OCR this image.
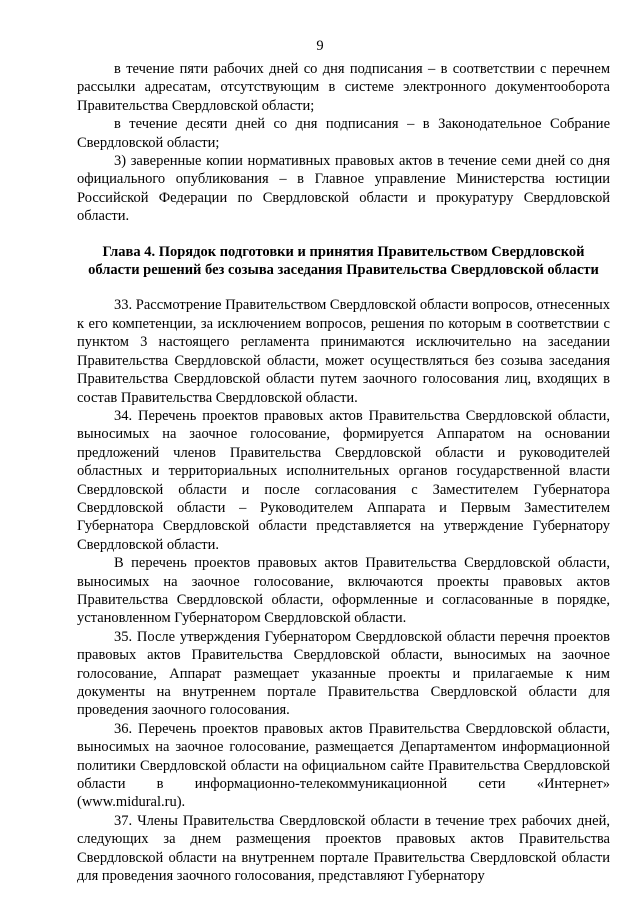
9

в течение пяти рабочих дней со дня подписания – в соответствии с перечнем рассылки адресатам, отсутствующим в системе электронного документооборота Правительства Свердловской области;

в течение десяти дней со дня подписания – в Законодательное Собрание Свердловской области;

3) заверенные копии нормативных правовых актов в течение семи дней со дня официального опубликования – в Главное управление Министерства юстиции Российской Федерации по Свердловской области и прокуратуру Свердловской области.

Глава 4. Порядок подготовки и принятия Правительством Свердловской области решений без созыва заседания Правительства Свердловской области

33. Рассмотрение Правительством Свердловской области вопросов, отнесенных к его компетенции, за исключением вопросов, решения по которым в соответствии с пунктом 3 настоящего регламента принимаются исключительно на заседании Правительства Свердловской области, может осуществляться без созыва заседания Правительства Свердловской области путем заочного голосования лиц, входящих в состав Правительства Свердловской области.

34. Перечень проектов правовых актов Правительства Свердловской области, выносимых на заочное голосование, формируется Аппаратом на основании предложений членов Правительства Свердловской области и руководителей областных и территориальных исполнительных органов государственной власти Свердловской области и после согласования с Заместителем Губернатора Свердловской области – Руководителем Аппарата и Первым Заместителем Губернатора Свердловской области представляется на утверждение Губернатору Свердловской области.

В перечень проектов правовых актов Правительства Свердловской области, выносимых на заочное голосование, включаются проекты правовых актов Правительства Свердловской области, оформленные и согласованные в порядке, установленном Губернатором Свердловской области.

35. После утверждения Губернатором Свердловской области перечня проектов правовых актов Правительства Свердловской области, выносимых на заочное голосование, Аппарат размещает указанные проекты и прилагаемые к ним документы на внутреннем портале Правительства Свердловской области для проведения заочного голосования.

36. Перечень проектов правовых актов Правительства Свердловской области, выносимых на заочное голосование, размещается Департаментом информационной политики Свердловской области на официальном сайте Правительства Свердловской области в информационно-телекоммуникационной сети «Интернет» (www.midural.ru).

37. Члены Правительства Свердловской области в течение трех рабочих дней, следующих за днем размещения проектов правовых актов Правительства Свердловской области на внутреннем портале Правительства Свердловской области для проведения заочного голосования, представляют Губернатору
